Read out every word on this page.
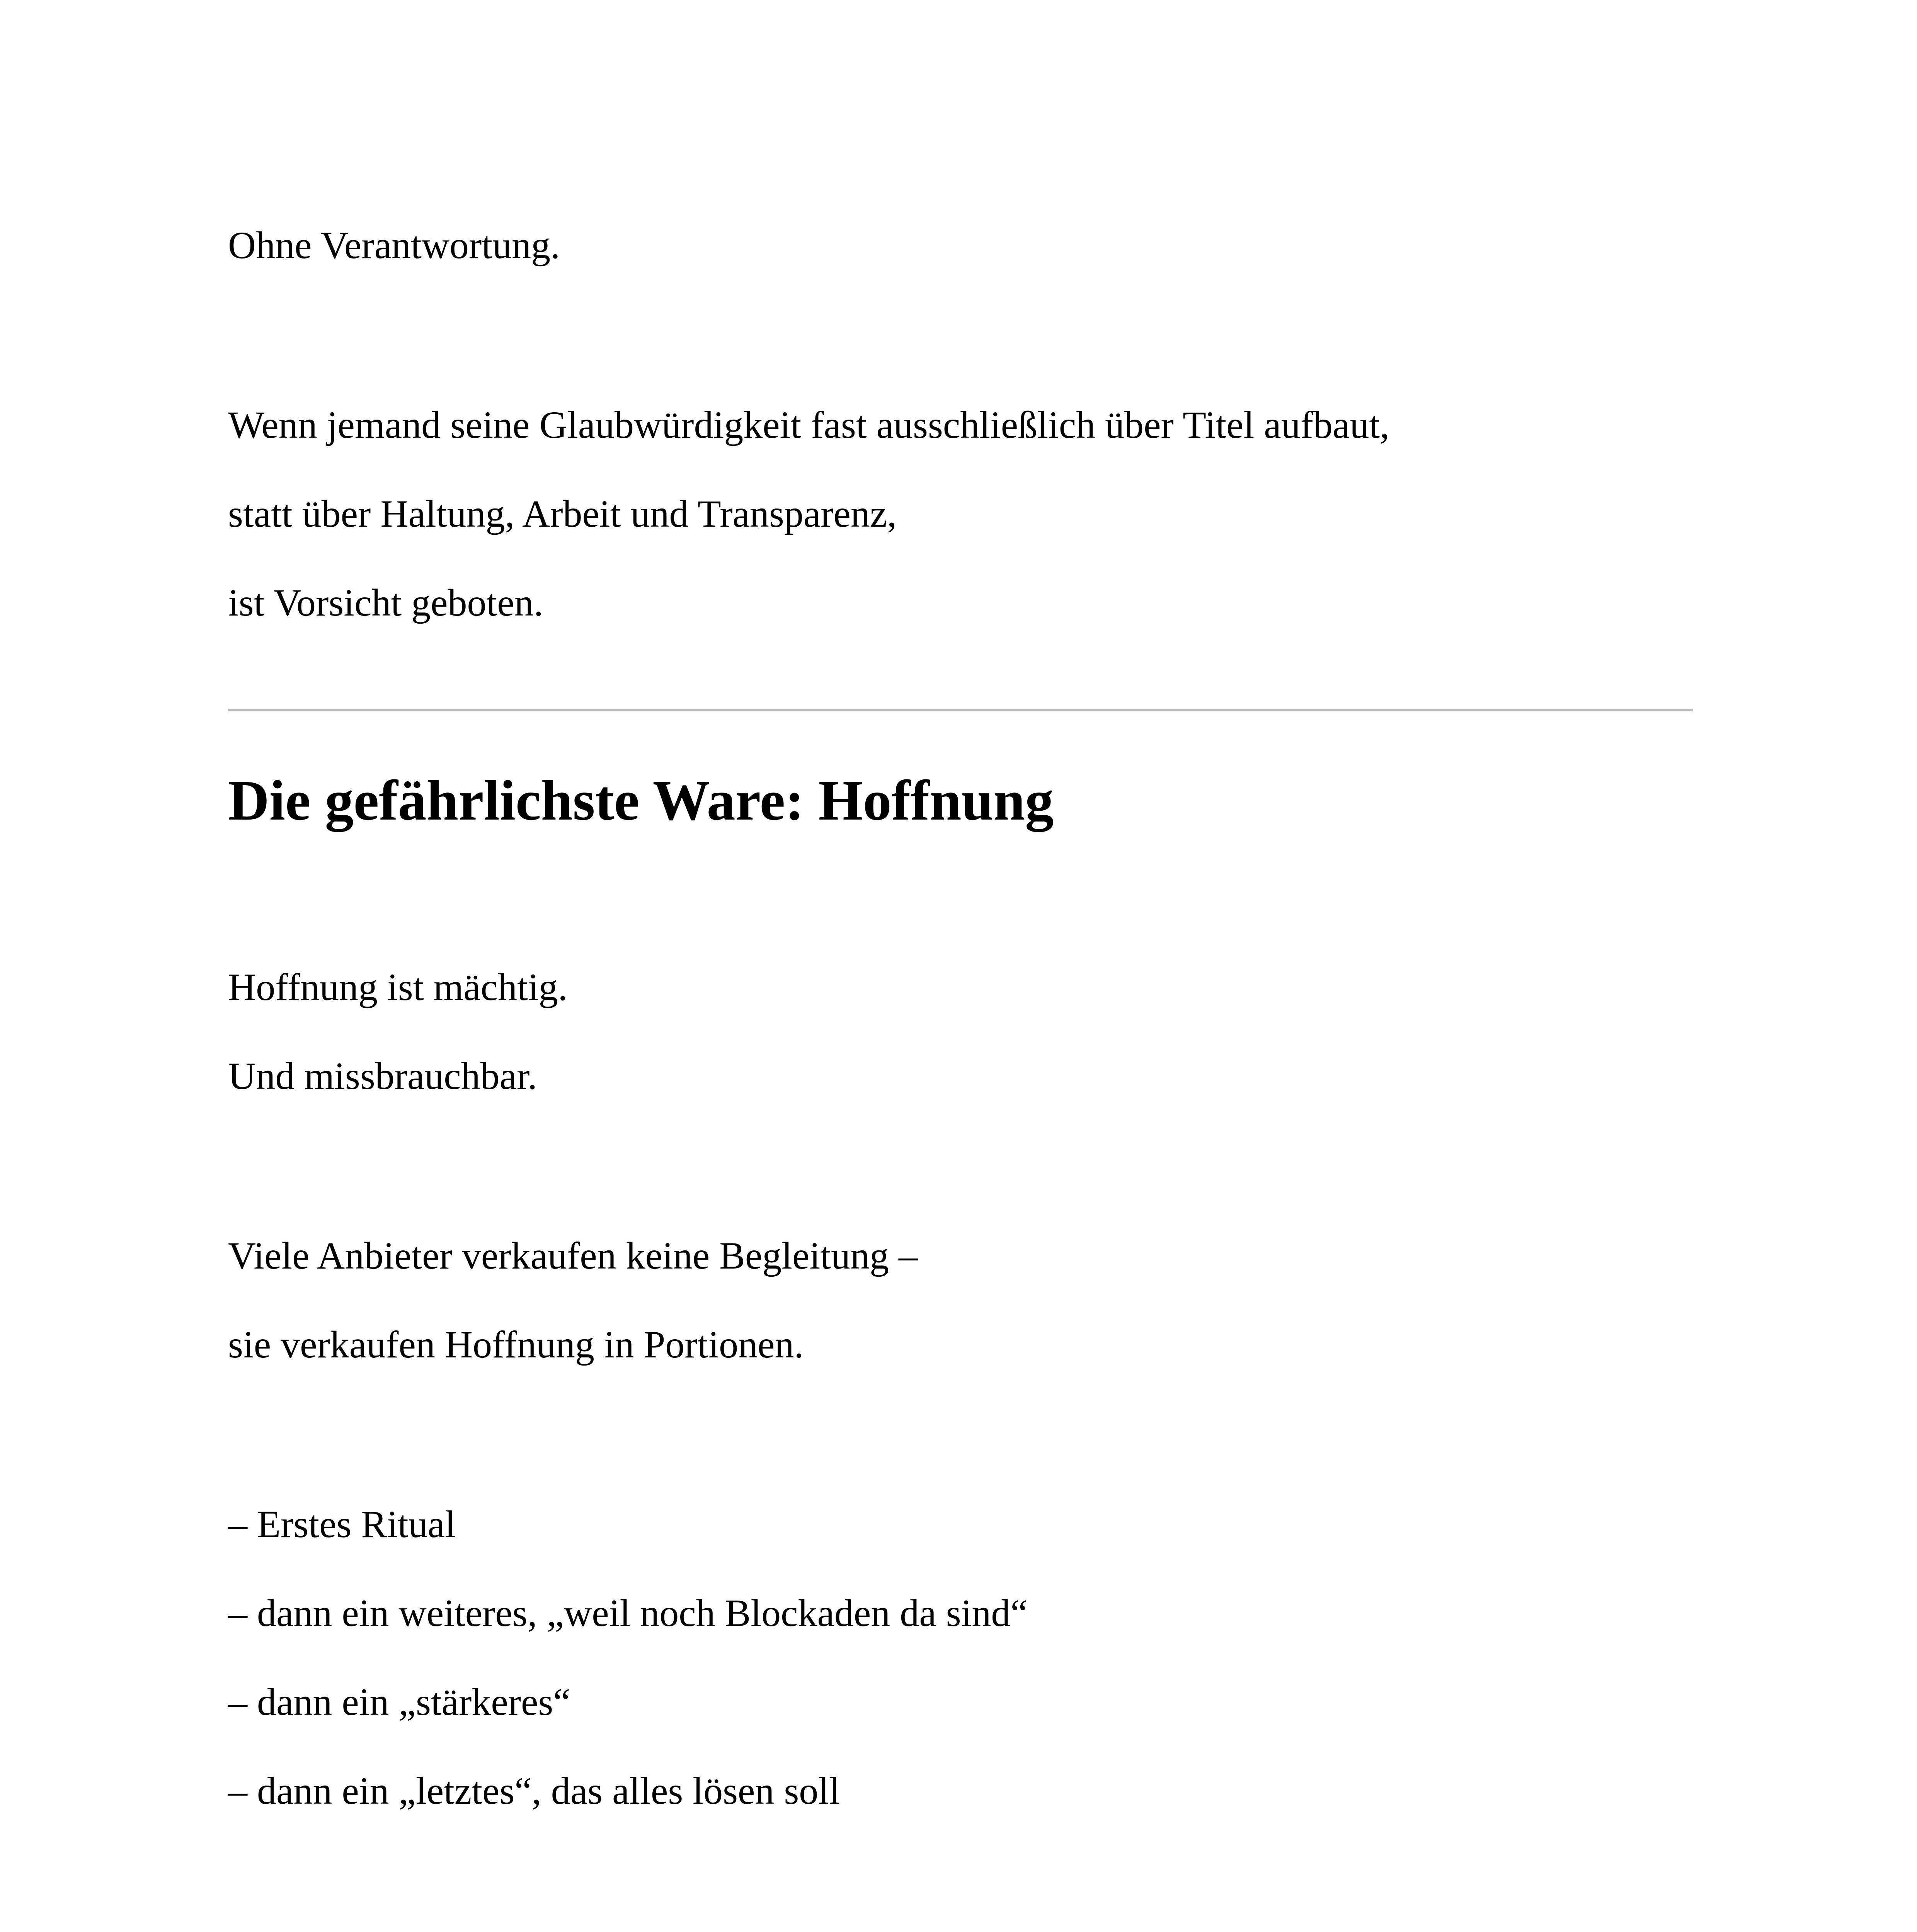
Ohne Verantwortung.

Wenn jemand seine Glaubwürdigkeit fast ausschließlich über Titel aufbaut,

statt über Haltung, Arbeit und Transparenz,

ist Vorsicht geboten.

Die gefährlichste Ware: Hoffnung

Hoffnung ist mächtig.

Und missbrauchbar.

Viele Anbieter verkaufen keine Begleitung –

sie verkaufen Hoffnung in Portionen.

– Erstes Ritual

– dann ein weiteres, „weil noch Blockaden da sind“

– dann ein „stärkeres“

– dann ein „letztes“, das alles lösen soll
